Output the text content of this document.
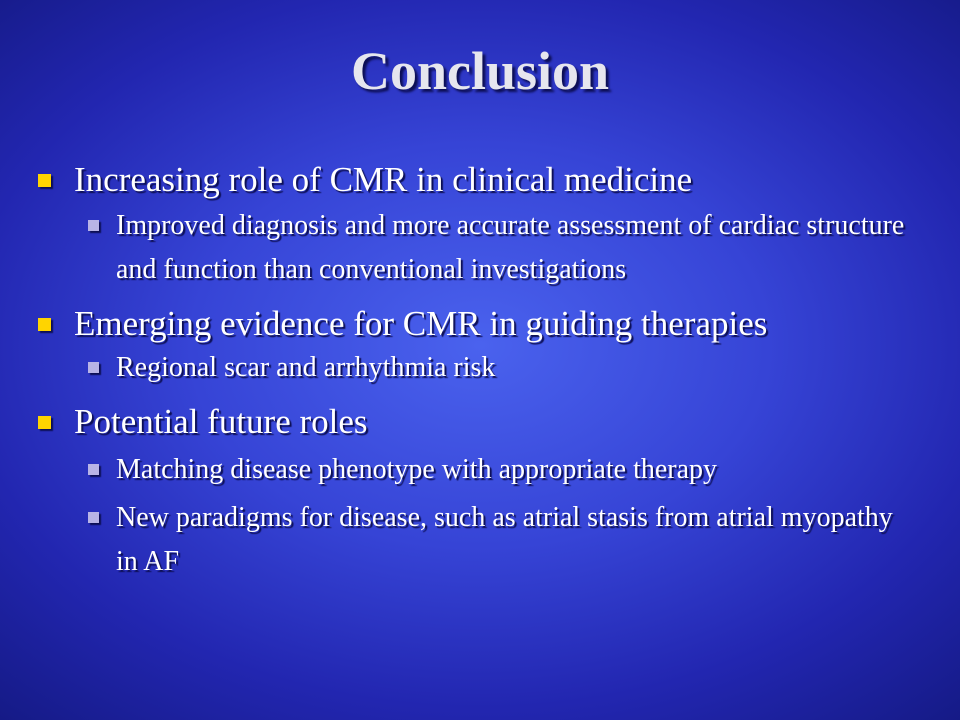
Conclusion
Increasing role of CMR in clinical medicine
Improved diagnosis and more accurate assessment of cardiac structure and function than conventional investigations
Emerging evidence for CMR in guiding therapies
Regional scar and arrhythmia risk
Potential future roles
Matching disease phenotype with appropriate therapy
New paradigms for disease, such as atrial stasis from atrial myopathy in AF
